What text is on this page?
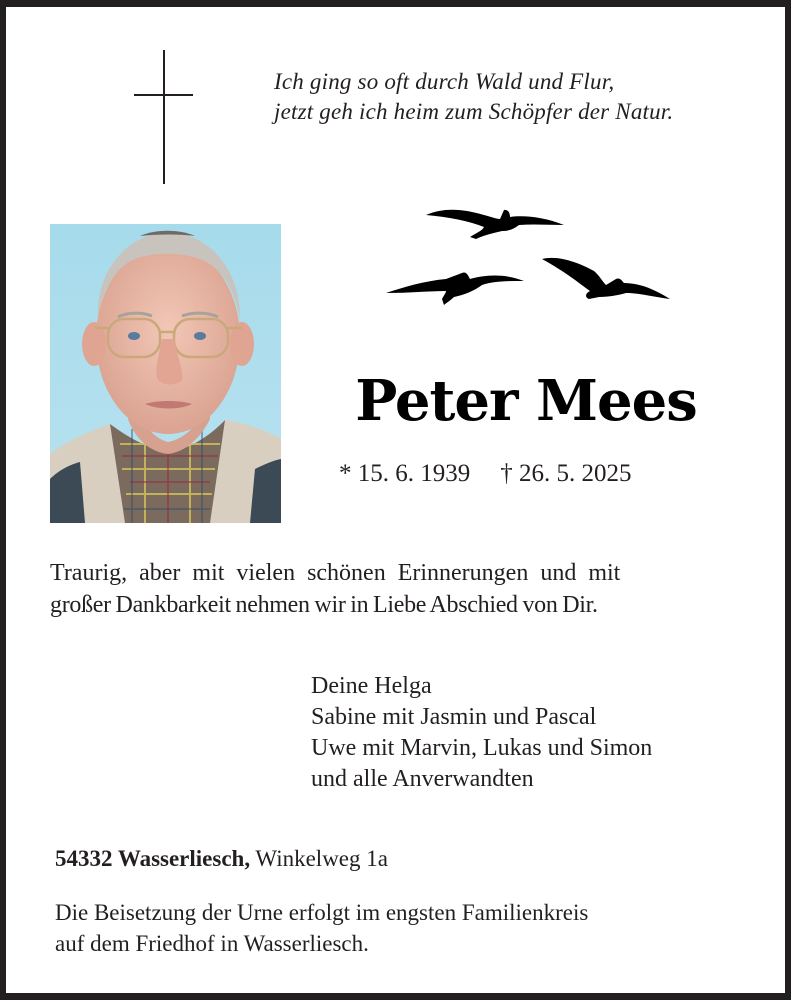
Ich ging so oft durch Wald und Flur,
jetzt geh ich heim zum Schöpfer der Natur.
Peter Mees
* 15. 6. 1939 † 26. 5. 2025
Traurig, aber mit vielen schönen Erinnerungen und mit
großer Dankbarkeit nehmen wir in Liebe Abschied von Dir.
Deine Helga
Sabine mit Jasmin und Pascal
Uwe mit Marvin, Lukas und Simon
und alle Anverwandten
54332 Wasserliesch, Winkelweg 1a
Die Beisetzung der Urne erfolgt im engsten Familienkreis
auf dem Friedhof in Wasserliesch.
